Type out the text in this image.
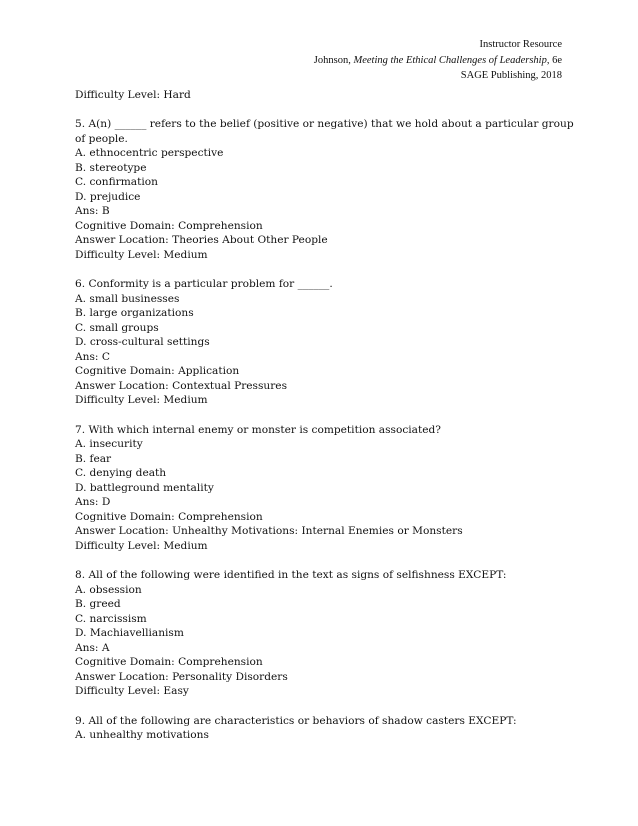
Instructor Resource
Johnson, Meeting the Ethical Challenges of Leadership, 6e
SAGE Publishing, 2018
Difficulty Level: Hard
5. A(n) ______ refers to the belief (positive or negative) that we hold about a particular group of people.
A. ethnocentric perspective
B. stereotype
C. confirmation
D. prejudice
Ans: B
Cognitive Domain: Comprehension
Answer Location: Theories About Other People
Difficulty Level: Medium
6. Conformity is a particular problem for ______.
A. small businesses
B. large organizations
C. small groups
D. cross-cultural settings
Ans: C
Cognitive Domain: Application
Answer Location: Contextual Pressures
Difficulty Level: Medium
7. With which internal enemy or monster is competition associated?
A. insecurity
B. fear
C. denying death
D. battleground mentality
Ans: D
Cognitive Domain: Comprehension
Answer Location: Unhealthy Motivations: Internal Enemies or Monsters
Difficulty Level: Medium
8. All of the following were identified in the text as signs of selfishness EXCEPT:
A. obsession
B. greed
C. narcissism
D. Machiavellianism
Ans: A
Cognitive Domain: Comprehension
Answer Location: Personality Disorders
Difficulty Level: Easy
9. All of the following are characteristics or behaviors of shadow casters EXCEPT:
A. unhealthy motivations
